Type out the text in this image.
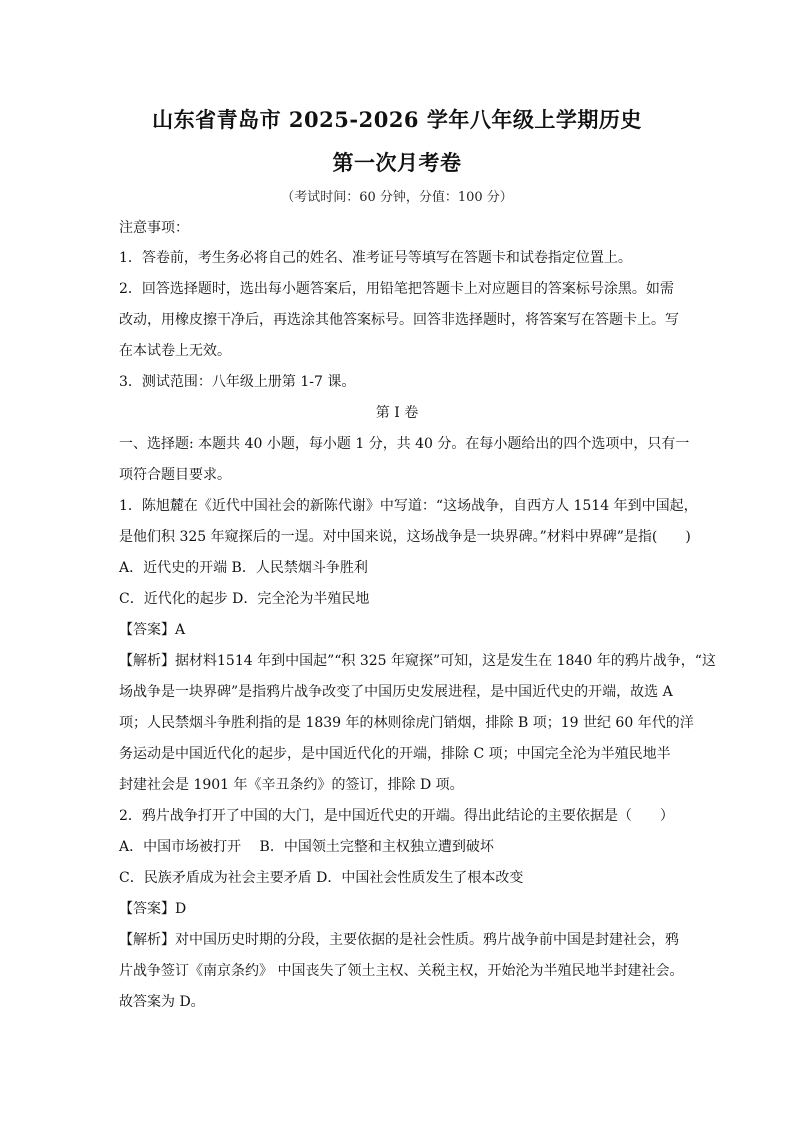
山东省青岛市 2025-2026 学年八年级上学期历史
第一次月考卷
（考试时间：60 分钟，分值：100 分）
注意事项：
1．答卷前，考生务必将自己的姓名、准考证号等填写在答题卡和试卷指定位置上。
2．回答选择题时，选出每小题答案后，用铅笔把答题卡上对应题目的答案标号涂黑。如需
改动，用橡皮擦干净后，再选涂其他答案标号。回答非选择题时，将答案写在答题卡上。写
在本试卷上无效。
3．测试范围：八年级上册第 1-7 课。
第 I 卷
一、选择题: 本题共 40 小题，每小题 1 分，共 40 分。在每小题给出的四个选项中，只有一
项符合题目要求。
1．陈旭麓在《近代中国社会的新陈代谢》中写道：“这场战争，自西方人 1514 年到中国起，
是他们积 325 年窥探后的一逞。对中国来说，这场战争是一块界碑。”材料中界碑”是指(　　)
A．近代史的开端 B．人民禁烟斗争胜利
C．近代化的起步 D．完全沦为半殖民地
【答案】A
【解析】据材料1514 年到中国起”“积 325 年窥探”可知，这是发生在 1840 年的鸦片战争，“这
场战争是一块界碑”是指鸦片战争改变了中国历史发展进程，是中国近代史的开端，故选 A
项；人民禁烟斗争胜利指的是 1839 年的林则徐虎门销烟，排除 B 项；19 世纪 60 年代的洋
务运动是中国近代化的起步，是中国近代化的开端，排除 C 项；中国完全沦为半殖民地半
封建社会是 1901 年《辛丑条约》的签订，排除 D 项。
2．鸦片战争打开了中国的大门，是中国近代史的开端。得出此结论的主要依据是（　　）
A．中国市场被打开　 B．中国领土完整和主权独立遭到破坏
C．民族矛盾成为社会主要矛盾 D．中国社会性质发生了根本改变
【答案】D
【解析】对中国历史时期的分段，主要依据的是社会性质。鸦片战争前中国是封建社会，鸦
片战争签订《南京条约》 中国丧失了领土主权、关税主权，开始沦为半殖民地半封建社会。
故答案为 D。
